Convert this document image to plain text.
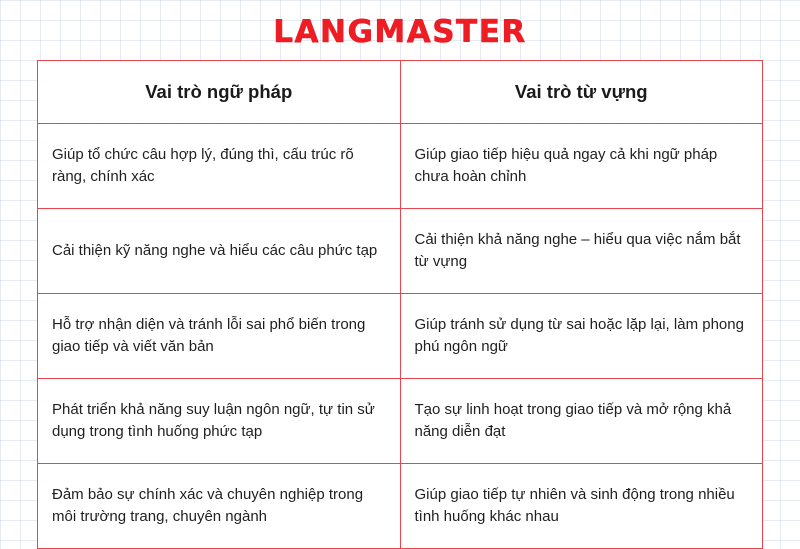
LANGMASTER
Vai trò ngữ pháp	Vai trò từ vựng
Giúp tổ chức câu hợp lý, đúng thì, cấu trúc rõ ràng, chính xác	Giúp giao tiếp hiệu quả ngay cả khi ngữ pháp chưa hoàn chỉnh
Cải thiện kỹ năng nghe và hiểu các câu phức tạp	Cải thiện khả năng nghe – hiểu qua việc nắm bắt từ vựng
Hỗ trợ nhận diện và tránh lỗi sai phổ biến trong giao tiếp và viết văn bản	Giúp tránh sử dụng từ sai hoặc lặp lại, làm phong phú ngôn ngữ
Phát triển khả năng suy luận ngôn ngữ, tự tin sử dụng trong tình huống phức tạp	Tạo sự linh hoạt trong giao tiếp và mở rộng khả năng diễn đạt
Đảm bảo sự chính xác và chuyên nghiệp trong môi trường trang, chuyên ngành	Giúp giao tiếp tự nhiên và sinh động trong nhiều tình huống khác nhau
